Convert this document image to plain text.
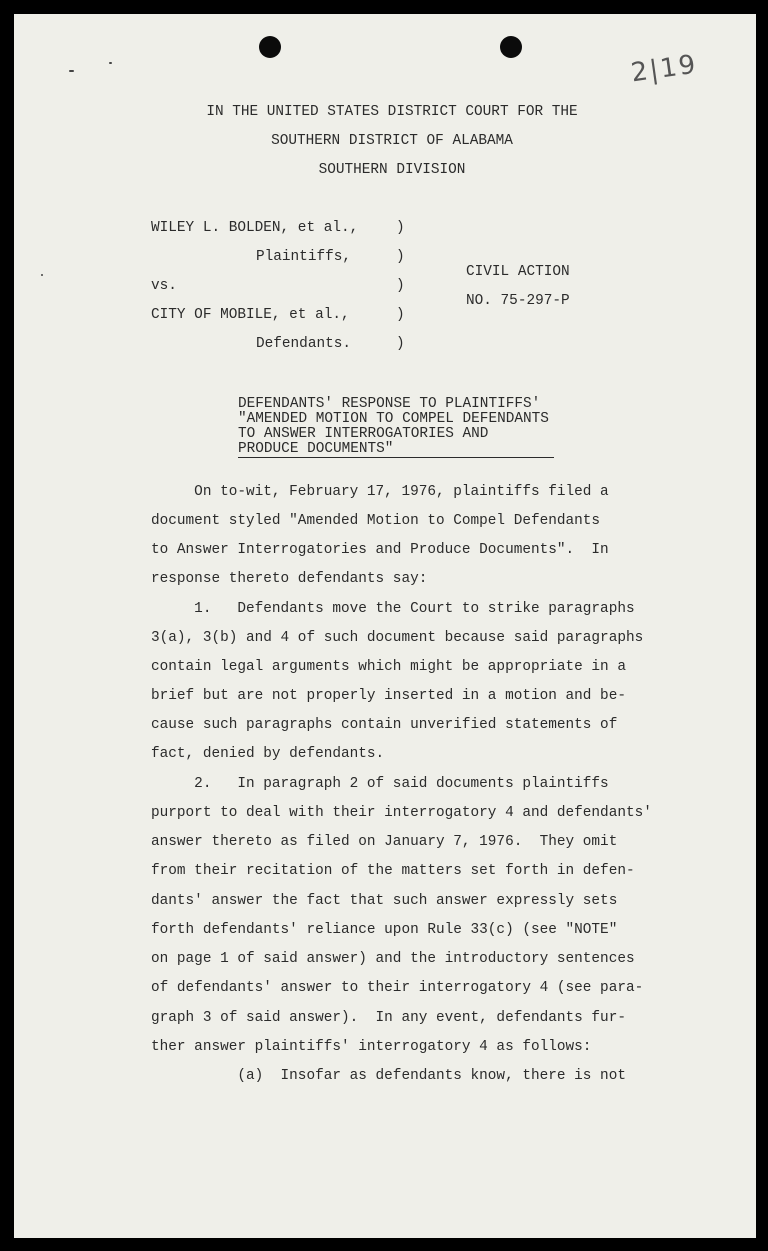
2|19
IN THE UNITED STATES DISTRICT COURT FOR THE
SOUTHERN DISTRICT OF ALABAMA
SOUTHERN DIVISION
WILEY L. BOLDEN, et al.,
Plaintiffs,
vs.
CITY OF MOBILE, et al.,
Defendants.
)
)
)
)
)
CIVIL ACTION
NO. 75-297-P
DEFENDANTS' RESPONSE TO PLAINTIFFS'
"AMENDED MOTION TO COMPEL DEFENDANTS
TO ANSWER INTERROGATORIES AND
PRODUCE DOCUMENTS"
On to-wit, February 17, 1976, plaintiffs filed a
document styled "Amended Motion to Compel Defendants
to Answer Interrogatories and Produce Documents".  In
response thereto defendants say:
1.   Defendants move the Court to strike paragraphs
3(a), 3(b) and 4 of such document because said paragraphs
contain legal arguments which might be appropriate in a
brief but are not properly inserted in a motion and be-
cause such paragraphs contain unverified statements of
fact, denied by defendants.
2.   In paragraph 2 of said documents plaintiffs
purport to deal with their interrogatory 4 and defendants'
answer thereto as filed on January 7, 1976.  They omit
from their recitation of the matters set forth in defen-
dants' answer the fact that such answer expressly sets
forth defendants' reliance upon Rule 33(c) (see "NOTE"
on page 1 of said answer) and the introductory sentences
of defendants' answer to their interrogatory 4 (see para-
graph 3 of said answer).  In any event, defendants fur-
ther answer plaintiffs' interrogatory 4 as follows:
(a)  Insofar as defendants know, there is not
